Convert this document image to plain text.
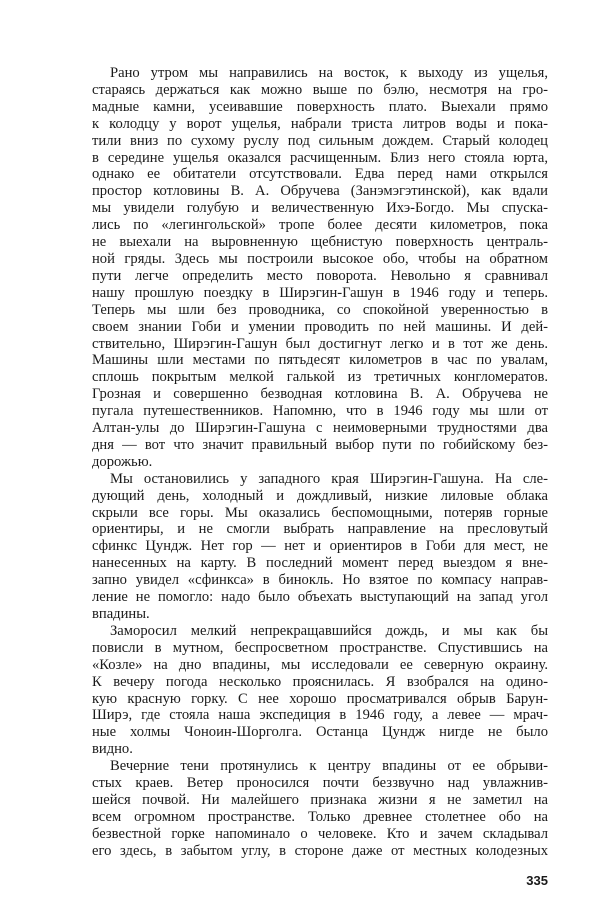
Рано утром мы направились на восток, к выходу из ущелья,
стараясь держаться как можно выше по бэлю, несмотря на гро-
мадные камни, усеивавшие поверхность плато. Выехали прямо
к колодцу у ворот ущелья, набрали триста литров воды и пока-
тили вниз по сухому руслу под сильным дождем. Старый колодец
в середине ущелья оказался расчищенным. Близ него стояла юрта,
однако ее обитатели отсутствовали. Едва перед нами открылся
простор котловины В. А. Обручева (Занэмэгэтинской), как вдали
мы увидели голубую и величественную Ихэ-Богдо. Мы спуска-
лись по «легингольской» тропе более десяти километров, пока
не выехали на выровненную щебнистую поверхность централь-
ной гряды. Здесь мы построили высокое обо, чтобы на обратном
пути легче определить место поворота. Невольно я сравнивал
нашу прошлую поездку в Ширэгин-Гашун в 1946 году и теперь.
Теперь мы шли без проводника, со спокойной уверенностью в
своем знании Гоби и умении проводить по ней машины. И дей-
ствительно, Ширэгин-Гашун был достигнут легко и в тот же день.
Машины шли местами по пятьдесят километров в час по увалам,
сплошь покрытым мелкой галькой из третичных конгломератов.
Грозная и совершенно безводная котловина В. А. Обручева не
пугала путешественников. Напомню, что в 1946 году мы шли от
Алтан-улы до Ширэгин-Гашуна с неимоверными трудностями два
дня — вот что значит правильный выбор пути по гобийскому без-
дорожью.
Мы остановились у западного края Ширэгин-Гашуна. На сле-
дующий день, холодный и дождливый, низкие лиловые облака
скрыли все горы. Мы оказались беспомощными, потеряв горные
ориентиры, и не смогли выбрать направление на пресловутый
сфинкс Цундж. Нет гор — нет и ориентиров в Гоби для мест, не
нанесенных на карту. В последний момент перед выездом я вне-
запно увидел «сфинкса» в бинокль. Но взятое по компасу направ-
ление не помогло: надо было объехать выступающий на запад угол
впадины.
Заморосил мелкий непрекращавшийся дождь, и мы как бы
повисли в мутном, беспросветном пространстве. Спустившись на
«Козле» на дно впадины, мы исследовали ее северную окраину.
К вечеру погода несколько прояснилась. Я взобрался на одино-
кую красную горку. С нее хорошо просматривался обрыв Барун-
Ширэ, где стояла наша экспедиция в 1946 году, а левее — мрач-
ные холмы Чоноин-Шорголга. Останца Цундж нигде не было
видно.
Вечерние тени протянулись к центру впадины от ее обрыви-
стых краев. Ветер проносился почти беззвучно над увлажнив-
шейся почвой. Ни малейшего признака жизни я не заметил на
всем огромном пространстве. Только древнее столетнее обо на
безвестной горке напоминало о человеке. Кто и зачем складывал
его здесь, в забытом углу, в стороне даже от местных колодезных
335
